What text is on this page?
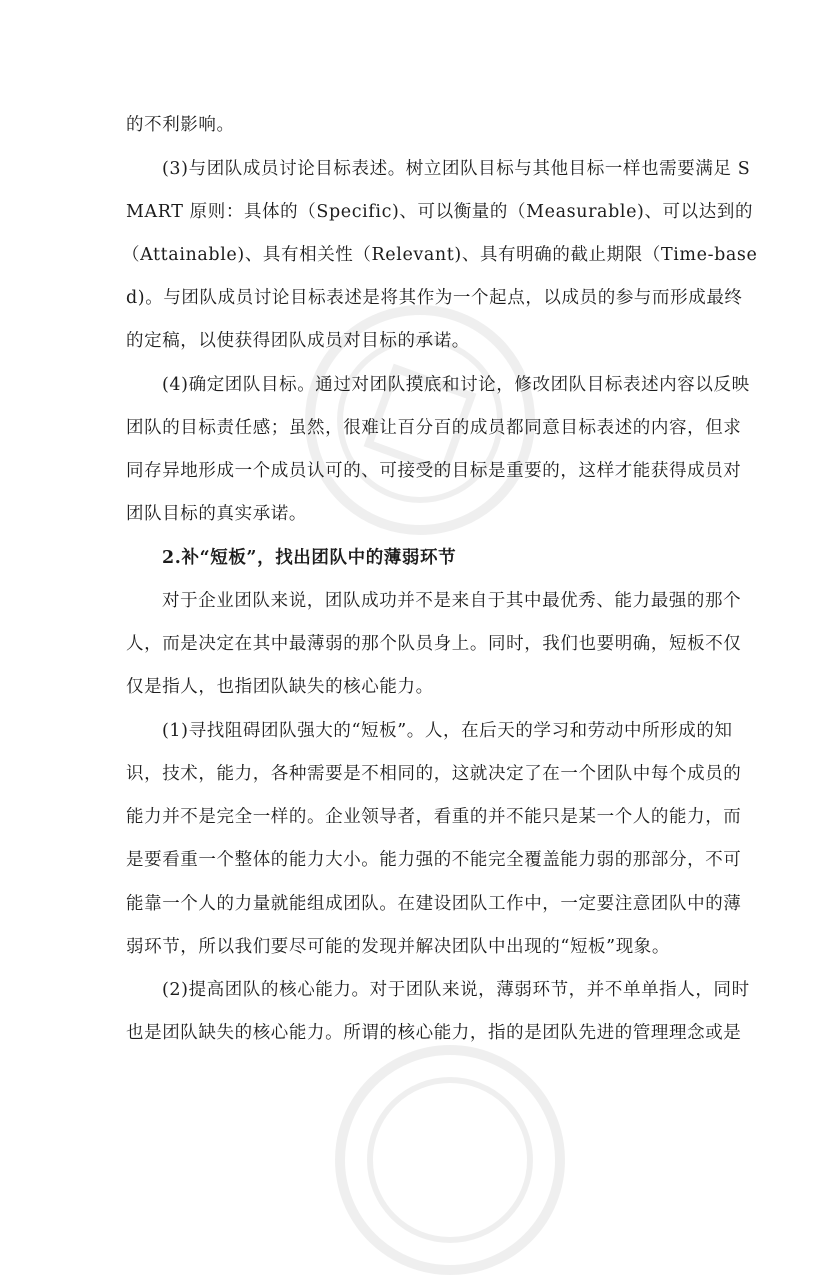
的不利影响。
(3)与团队成员讨论目标表述。树立团队目标与其他目标一样也需要满足 S
MART 原则：具体的（Specific)、可以衡量的（Measurable)、可以达到的
（Attainable)、具有相关性（Relevant)、具有明确的截止期限（Time-base
d)。与团队成员讨论目标表述是将其作为一个起点，以成员的参与而形成最终
的定稿，以使获得团队成员对目标的承诺。
(4)确定团队目标。通过对团队摸底和讨论，修改团队目标表述内容以反映
团队的目标责任感；虽然，很难让百分百的成员都同意目标表述的内容，但求
同存异地形成一个成员认可的、可接受的目标是重要的，这样才能获得成员对
团队目标的真实承诺。
2.补“短板”，找出团队中的薄弱环节
对于企业团队来说，团队成功并不是来自于其中最优秀、能力最强的那个
人，而是决定在其中最薄弱的那个队员身上。同时，我们也要明确，短板不仅
仅是指人，也指团队缺失的核心能力。
(1)寻找阻碍团队强大的“短板”。人，在后天的学习和劳动中所形成的知
识，技术，能力，各种需要是不相同的，这就决定了在一个团队中每个成员的
能力并不是完全一样的。企业领导者，看重的并不能只是某一个人的能力，而
是要看重一个整体的能力大小。能力强的不能完全覆盖能力弱的那部分，不可
能靠一个人的力量就能组成团队。在建设团队工作中，一定要注意团队中的薄
弱环节，所以我们要尽可能的发现并解决团队中出现的“短板”现象。
(2)提高团队的核心能力。对于团队来说，薄弱环节，并不单单指人，同时
也是团队缺失的核心能力。所谓的核心能力，指的是团队先进的管理理念或是
